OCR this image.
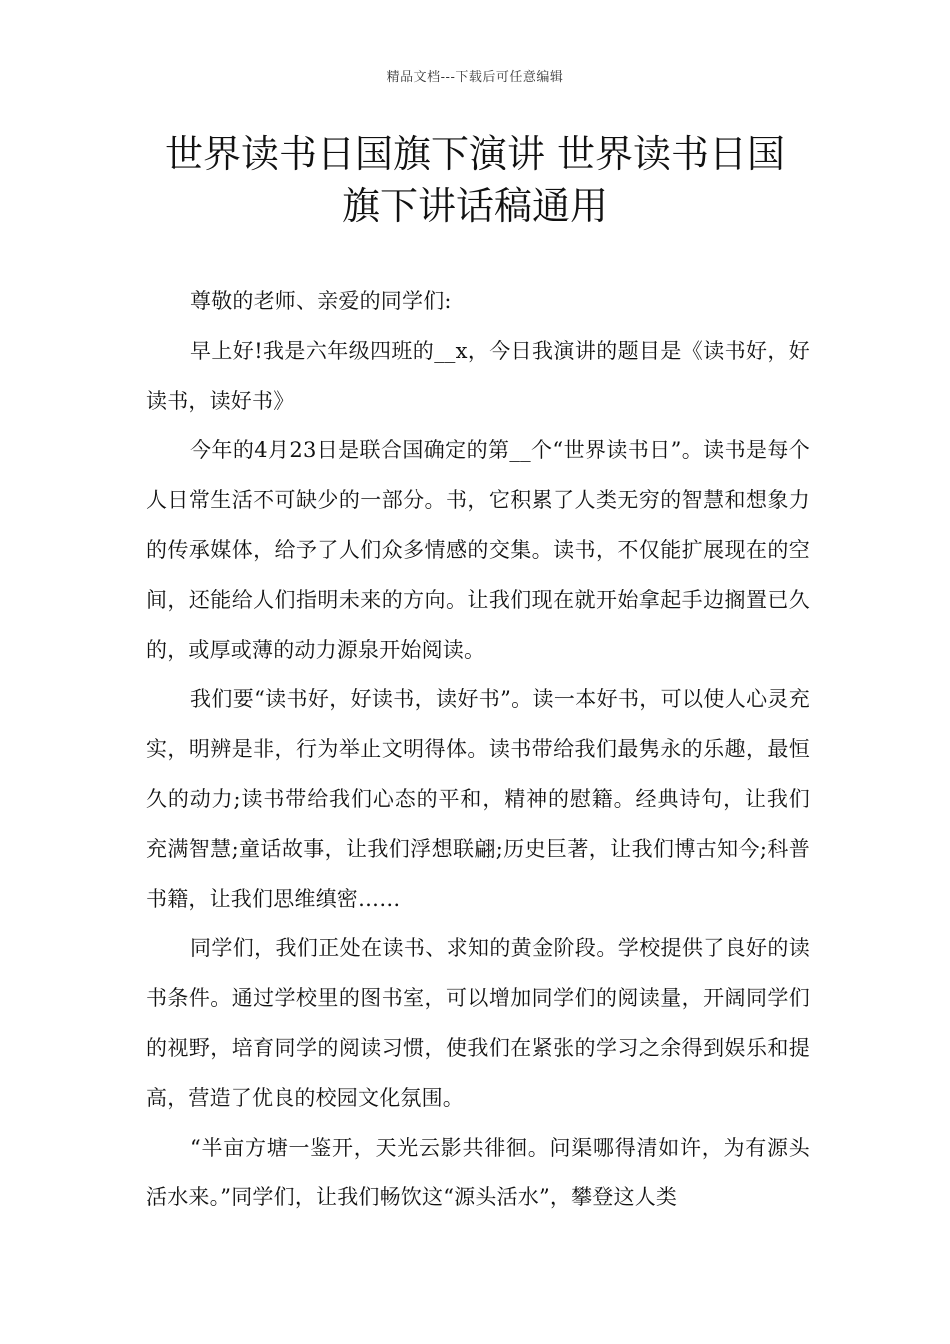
精品文档---下载后可任意编辑
世界读书日国旗下演讲 世界读书日国
旗下讲话稿通用

尊敬的老师、亲爱的同学们:

早上好!我是六年级四班的__x，今日我演讲的题目是《读书好，好读书，读好书》

今年的4月23日是联合国确定的第__个“世界读书日”。读书是每个人日常生活不可缺少的一部分。书，它积累了人类无穷的智慧和想象力的传承媒体，给予了人们众多情感的交集。读书，不仅能扩展现在的空间，还能给人们指明未来的方向。让我们现在就开始拿起手边搁置已久的，或厚或薄的动力源泉开始阅读。

我们要“读书好，好读书，读好书”。读一本好书，可以使人心灵充实，明辨是非，行为举止文明得体。读书带给我们最隽永的乐趣，最恒久的动力;读书带给我们心态的平和，精神的慰籍。经典诗句，让我们充满智慧;童话故事，让我们浮想联翩;历史巨著，让我们博古知今;科普书籍，让我们思维缜密……

同学们，我们正处在读书、求知的黄金阶段。学校提供了良好的读书条件。通过学校里的图书室，可以增加同学们的阅读量，开阔同学们的视野，培育同学的阅读习惯，使我们在紧张的学习之余得到娱乐和提高，营造了优良的校园文化氛围。

“半亩方塘一鉴开，天光云影共徘徊。问渠哪得清如许，为有源头活水来。”同学们，让我们畅饮这“源头活水”，攀登这人类
